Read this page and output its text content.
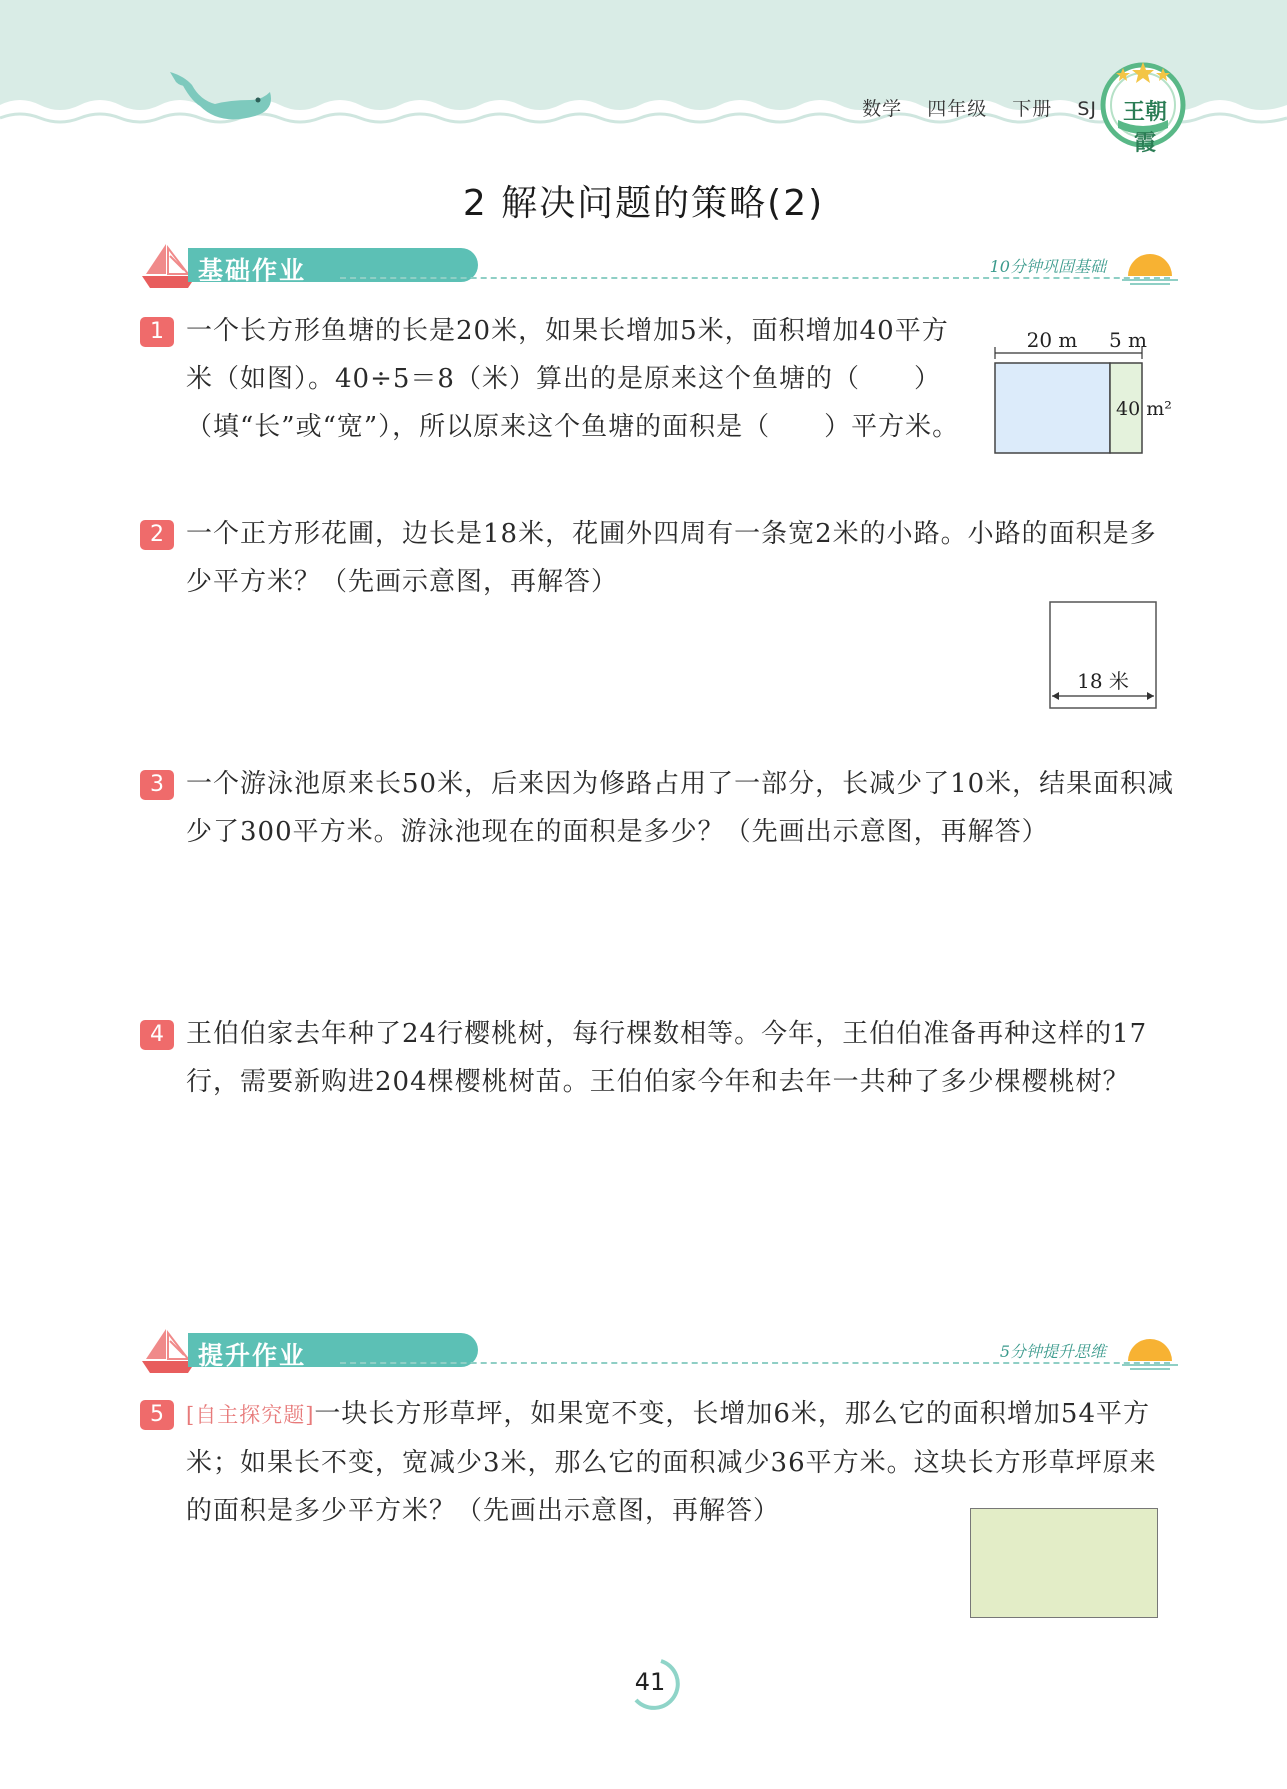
数学 四年级 下册 SJ	王朝霞
2 解决问题的策略(2)
基础作业	10分钟巩固基础
1 一个长方形鱼塘的长是20米，如果长增加5米，面积增加40平方米（如图）。40÷5＝8（米）算出的是原来这个鱼塘的（　　）（填“长”或“宽”），所以原来这个鱼塘的面积是（　　）平方米。
20 m 5 m
40 m²
2 一个正方形花圃，边长是18米，花圃外四周有一条宽2米的小路。小路的面积是多少平方米？（先画示意图，再解答）
18 米
3 一个游泳池原来长50米，后来因为修路占用了一部分，长减少了10米，结果面积减少了300平方米。游泳池现在的面积是多少？（先画出示意图，再解答）
4 王伯伯家去年种了24行樱桃树，每行棵数相等。今年，王伯伯准备再种这样的17行，需要新购进204棵樱桃树苗。王伯伯家今年和去年一共种了多少棵樱桃树？
提升作业	5分钟提升思维
5	[自主探究题]一块长方形草坪，如果宽不变，长增加6米，那么它的面积增加54平方米；如果长不变，宽减少3米，那么它的面积减少36平方米。这块长方形草坪原来的面积是多少平方米？（先画出示意图，再解答）
41
